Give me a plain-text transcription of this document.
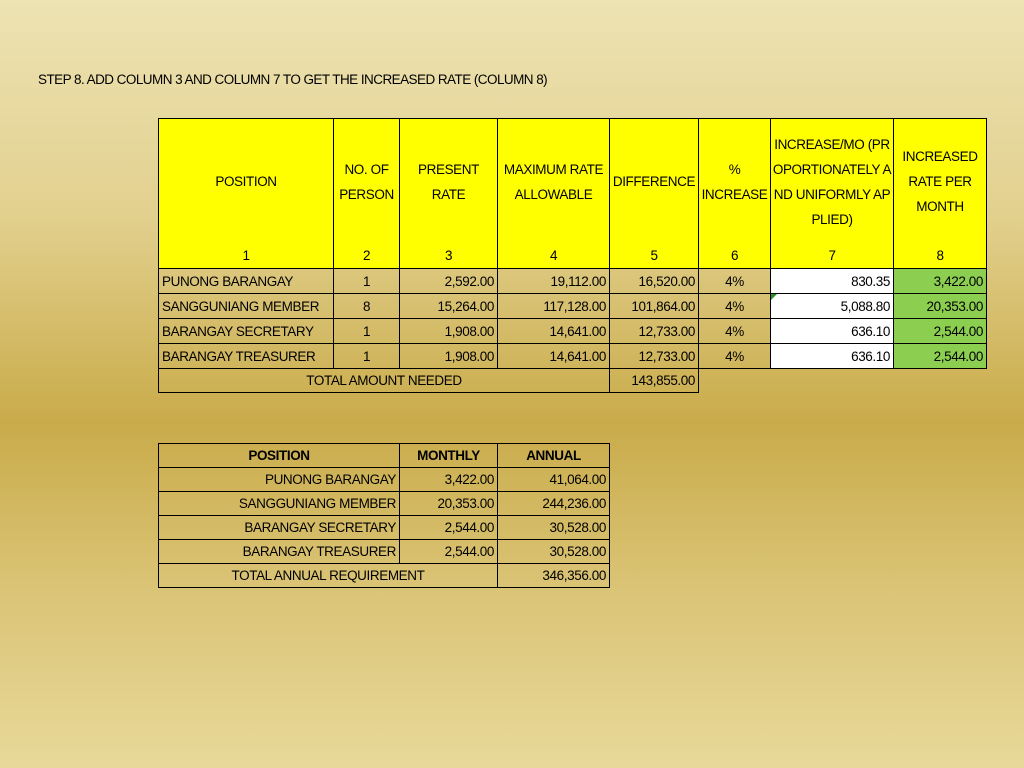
STEP 8. ADD COLUMN 3 AND COLUMN 7 TO GET THE INCREASED RATE (COLUMN 8)
POSITION	NO. OF PERSON	PRESENT RATE	MAXIMUM RATE ALLOWABLE	DIFFERENCE	% INCREASE	INCREASE/MO (PROPORTIONATELY AND UNIFORMLY APPLIED)	INCREASED RATE PER MONTH
1	2	3	4	5	6	7	8
PUNONG BARANGAY	1	2,592.00	19,112.00	16,520.00	4%	830.35	3,422.00
SANGGUNIANG MEMBER	8	15,264.00	117,128.00	101,864.00	4%	5,088.80	20,353.00
BARANGAY SECRETARY	1	1,908.00	14,641.00	12,733.00	4%	636.10	2,544.00
BARANGAY TREASURER	1	1,908.00	14,641.00	12,733.00	4%	636.10	2,544.00
TOTAL AMOUNT NEEDED				143,855.00			
POSITION	MONTHLY	ANNUAL
PUNONG BARANGAY	3,422.00	41,064.00
SANGGUNIANG MEMBER	20,353.00	244,236.00
BARANGAY SECRETARY	2,544.00	30,528.00
BARANGAY TREASURER	2,544.00	30,528.00
TOTAL ANNUAL REQUIREMENT		346,356.00
